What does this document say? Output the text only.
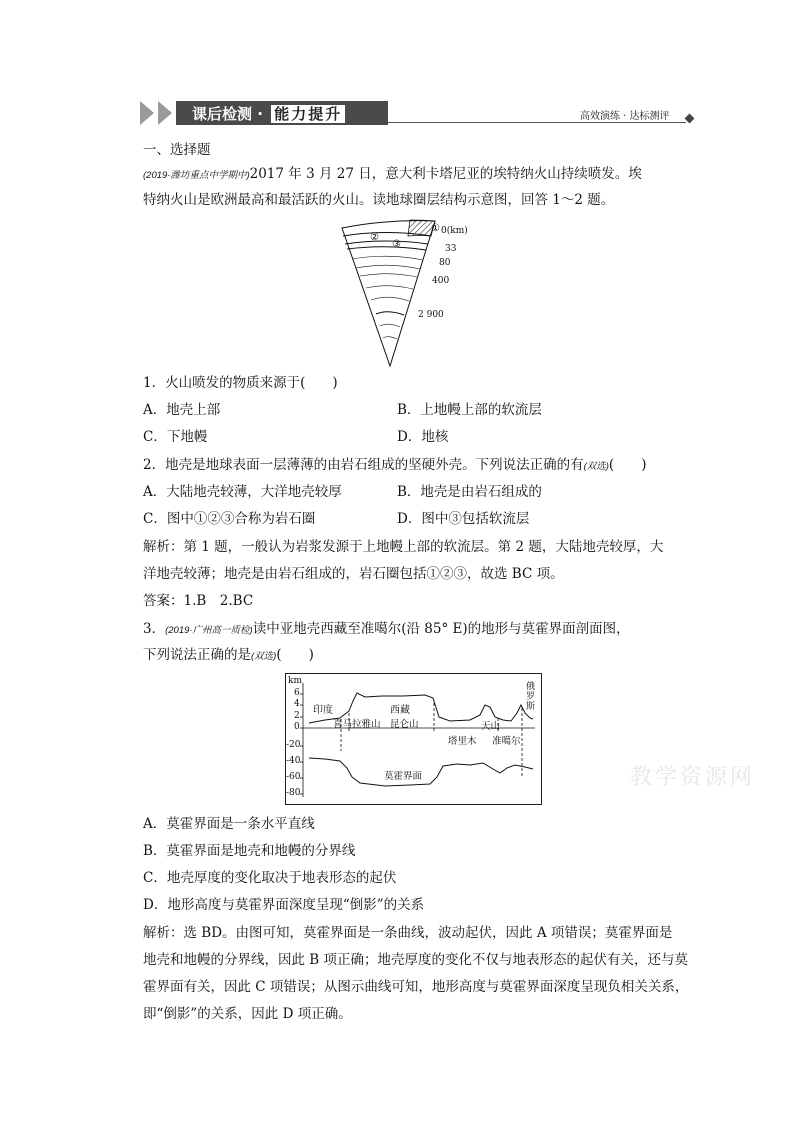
课后检测 · 能力提升	高效演练 · 达标测评
一、选择题
(2019·潍坊重点中学期中)2017 年 3 月 27 日，意大利卡塔尼亚的埃特纳火山持续喷发。埃
特纳火山是欧洲最高和最活跃的火山。读地球圈层结构示意图，回答 1～2 题。
①
②
③
0(km)
33
80
400
2 900
1．火山喷发的物质来源于(　　)
A．地壳上部	B．上地幔上部的软流层
C．下地幔	D．地核
2．地壳是地球表面一层薄薄的由岩石组成的坚硬外壳。下列说法正确的有(双选)(　　)
A．大陆地壳较薄，大洋地壳较厚	B．地壳是由岩石组成的
C．图中①②③合称为岩石圈	D．图中③包括软流层
解析：第 1 题，一般认为岩浆发源于上地幔上部的软流层。第 2 题，大陆地壳较厚，大
洋地壳较薄；地壳是由岩石组成的，岩石圈包括①②③，故选 BC 项。
答案：1.B　2.BC
3．(2019·广州高一质检)读中亚地壳西藏至准噶尔(沿 85° E)的地形与莫霍界面剖面图，
下列说法正确的是(双选)(　　)
km
6
4
2
0
-20
-40
-60
-80
印度	西藏
俄罗斯
喜马拉雅山 昆仑山	天山
塔里木 准噶尔
莫霍界面
A．莫霍界面是一条水平直线
B．莫霍界面是地壳和地幔的分界线
C．地壳厚度的变化取决于地表形态的起伏
D．地形高度与莫霍界面深度呈现“倒影”的关系
解析：选 BD。由图可知，莫霍界面是一条曲线，波动起伏，因此 A 项错误；莫霍界面是
地壳和地幔的分界线，因此 B 项正确；地壳厚度的变化不仅与地表形态的起伏有关，还与莫
霍界面有关，因此 C 项错误；从图示曲线可知，地形高度与莫霍界面深度呈现负相关关系，
即“倒影”的关系，因此 D 项正确。
教学资源网
